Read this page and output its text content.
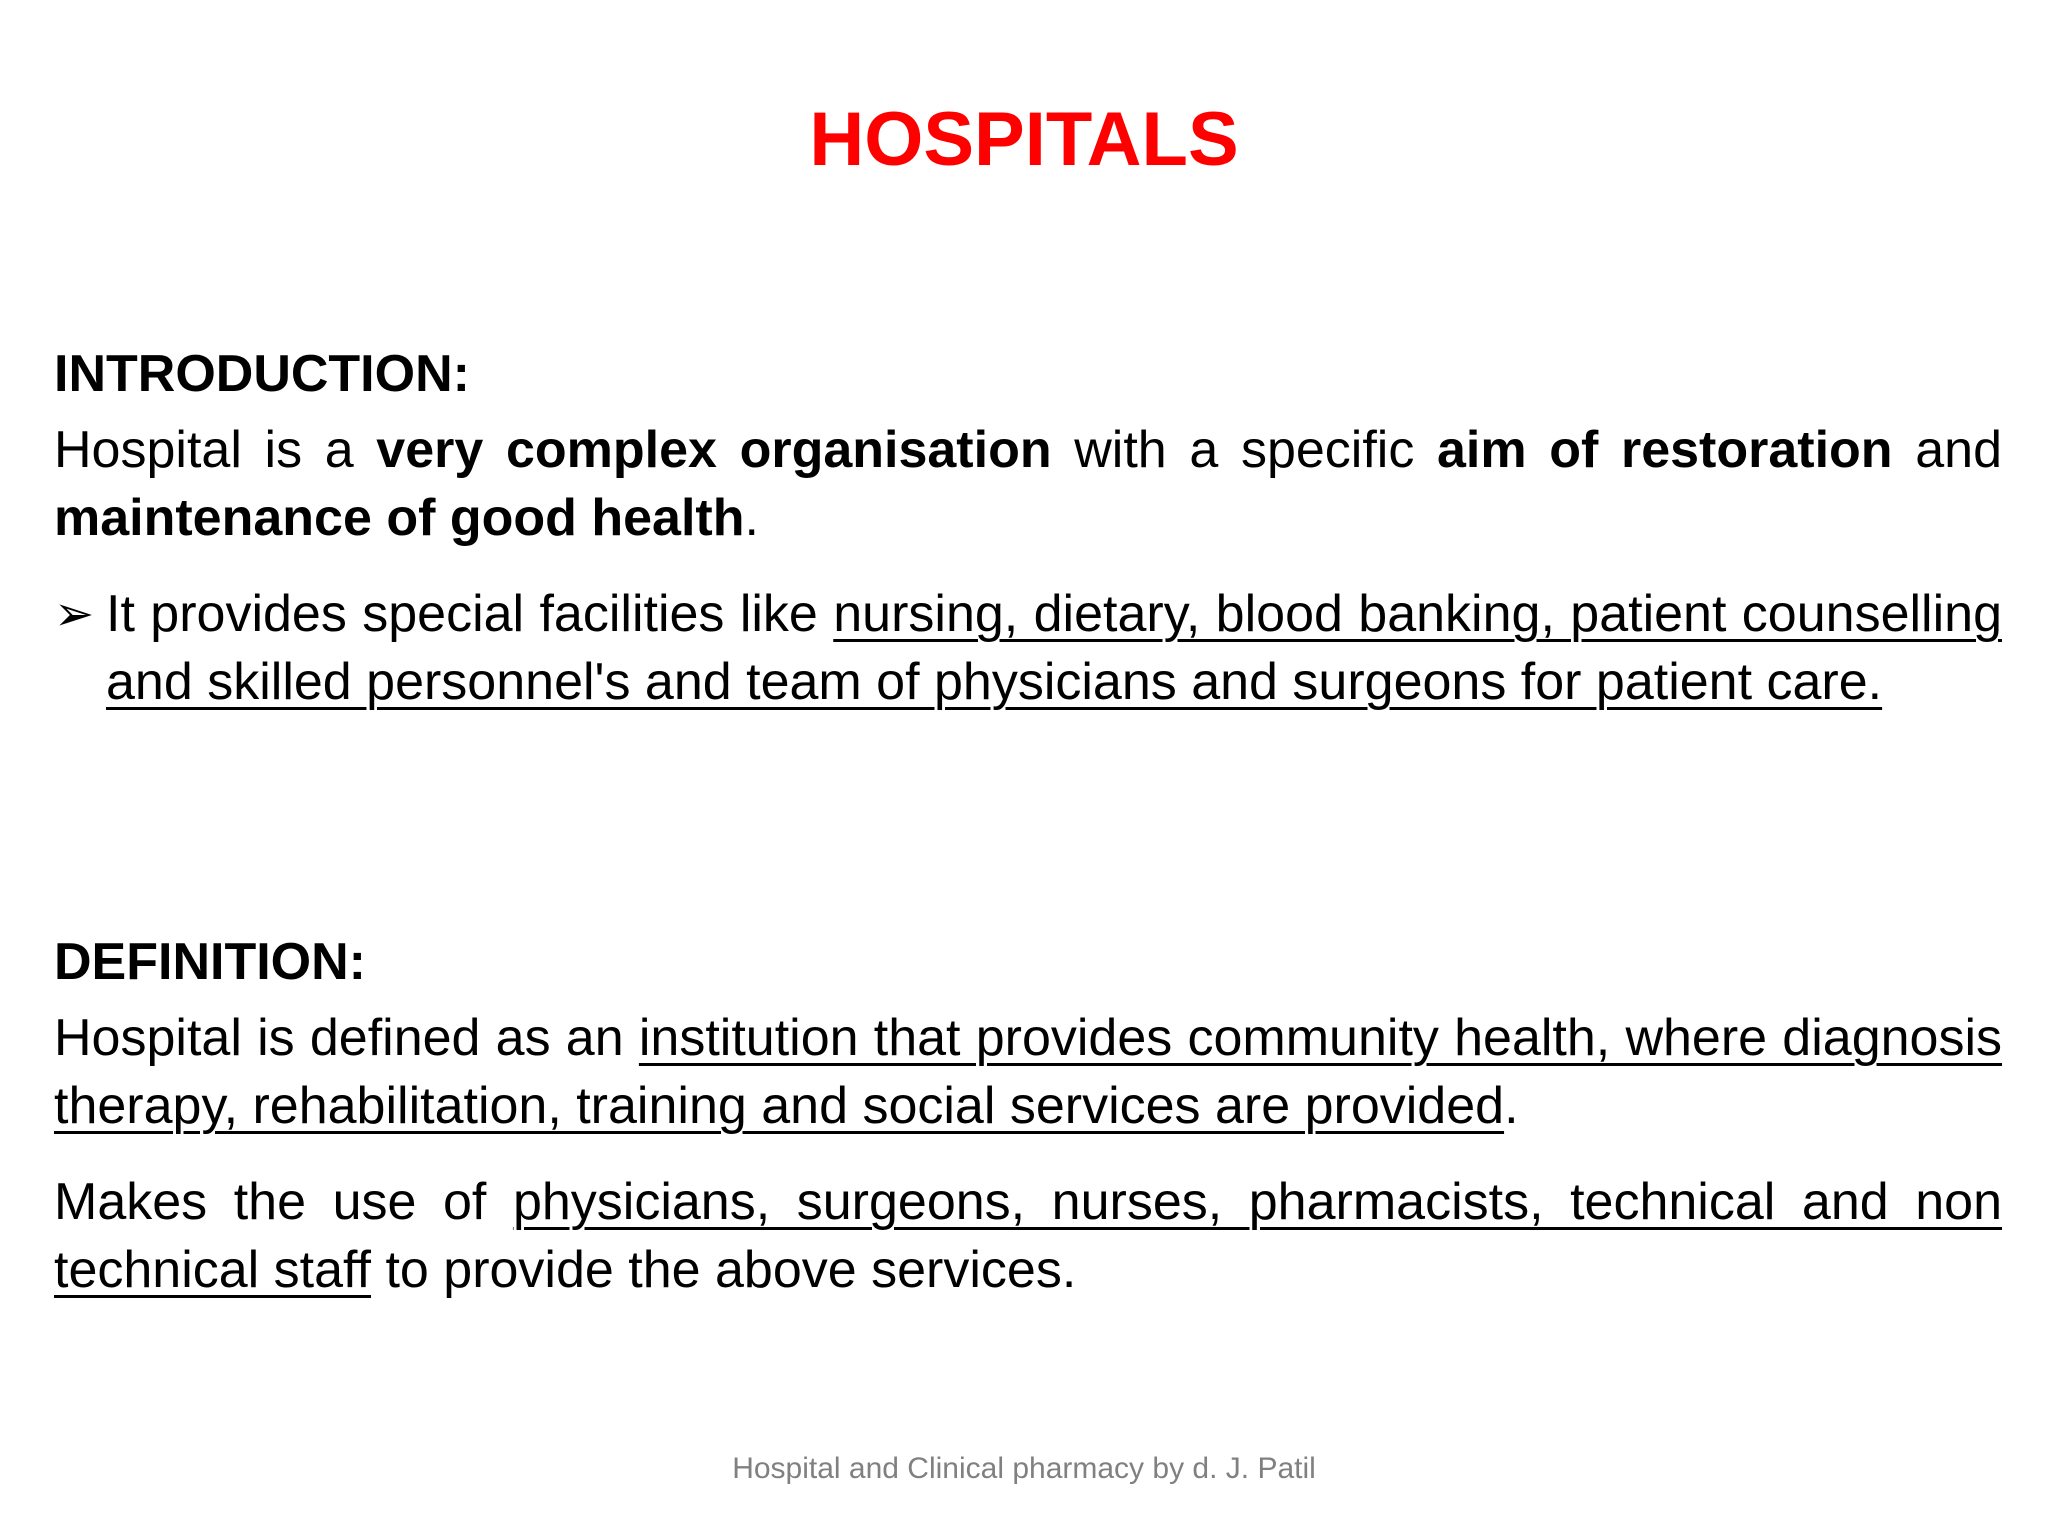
HOSPITALS

INTRODUCTION:

Hospital is a very complex organisation with a specific aim of restoration and maintenance of good health.

➢ It provides special facilities like nursing, dietary, blood banking, patient counselling and skilled personnel's and team of physicians and surgeons for patient care.

DEFINITION:

Hospital is defined as an institution that provides community health, where diagnosis therapy, rehabilitation, training and social services are provided.

Makes the use of physicians, surgeons, nurses, pharmacists, technical and non technical staff to provide the above services.

Hospital and Clinical pharmacy by d. J. Patil
